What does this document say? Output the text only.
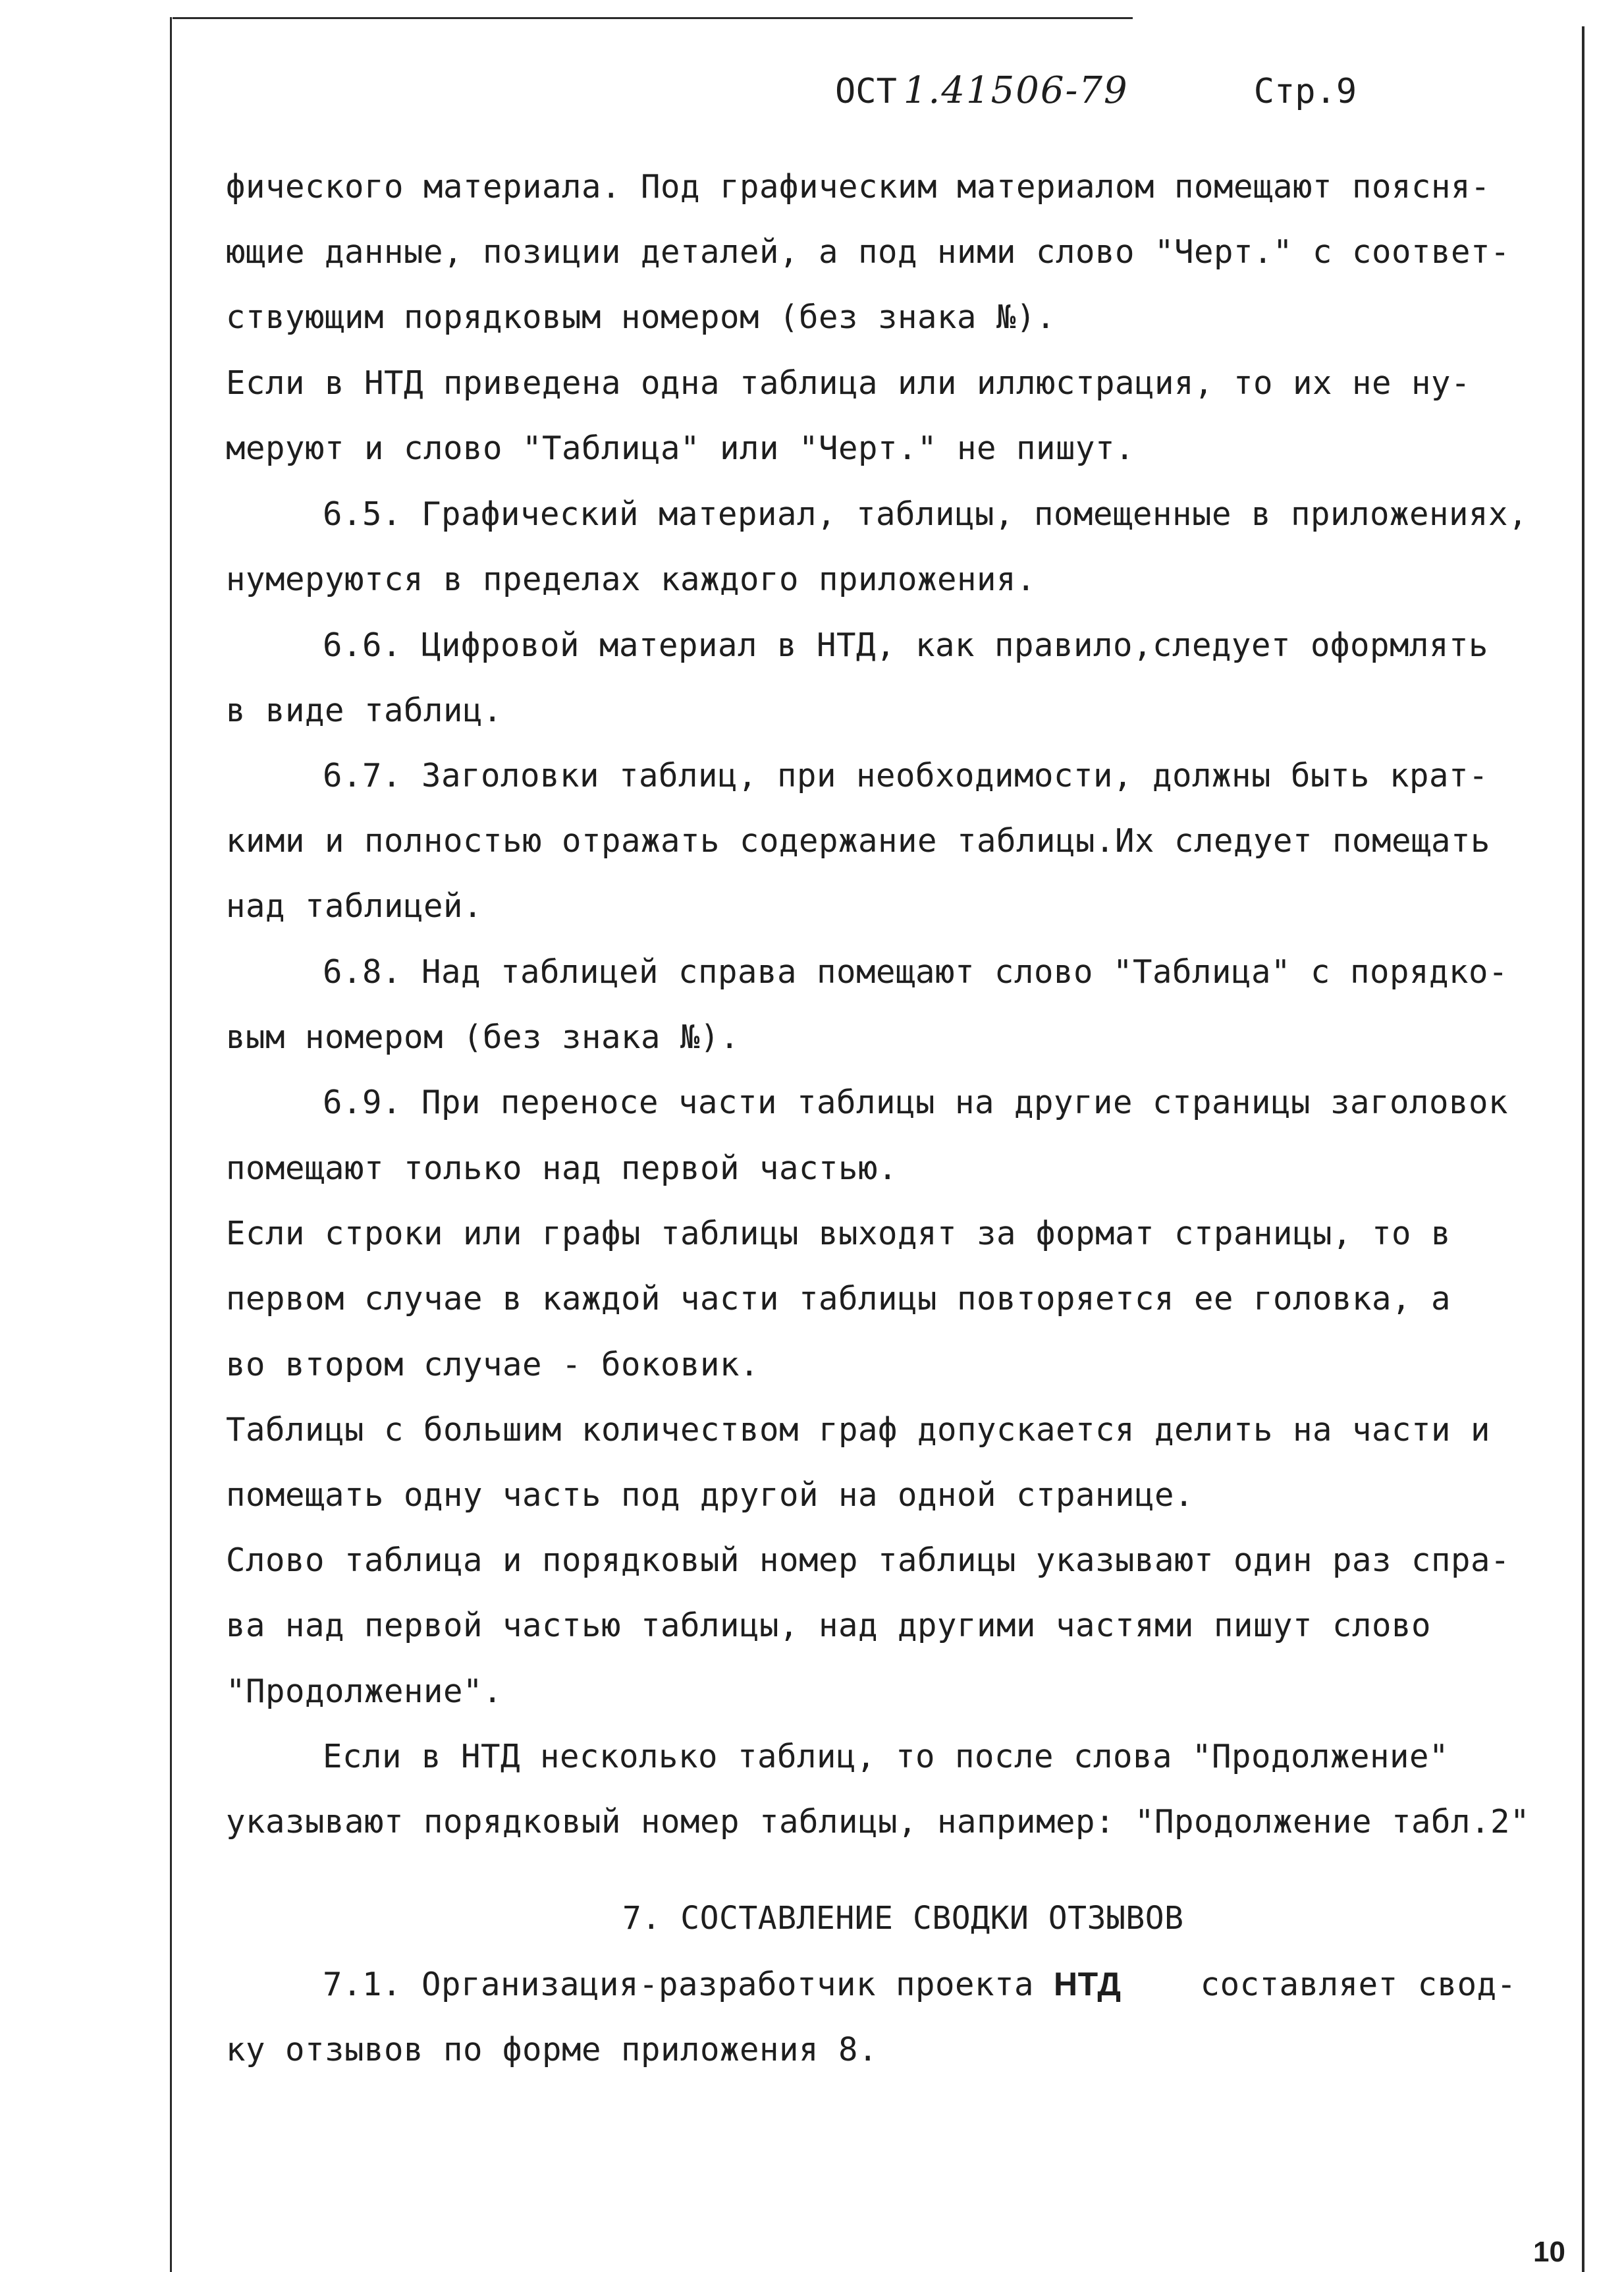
ОСТ 1.41506-79	Стр.9
фического материала. Под графическим материалом помещают поясня-
ющие данные, позиции деталей, а под ними слово "Черт." с соответ-
ствующим порядковым номером (без знака №).
Если в НТД приведена одна таблица или иллюстрация, то их не ну-
меруют и слово "Таблица" или "Черт." не пишут.
6.5. Графический материал, таблицы, помещенные в приложениях,
нумеруются в пределах каждого приложения.
6.6. Цифровой материал в НТД, как правило,следует оформлять
в виде таблиц.
6.7. Заголовки таблиц, при необходимости, должны быть крат-
кими и полностью отражать содержание таблицы.Их следует помещать
над таблицей.
6.8. Над таблицей справа помещают слово "Таблица" с порядко-
вым номером (без знака №).
6.9. При переносе части таблицы на другие страницы заголовок
помещают только над первой частью.
Если строки или графы таблицы выходят за формат страницы, то в
первом случае в каждой части таблицы повторяется ее головка, а
во втором случае - боковик.
Таблицы с большим количеством граф допускается делить на части и
помещать одну часть под другой на одной странице.
Слово таблица и порядковый номер таблицы указывают один раз спра-
ва над первой частью таблицы, над другими частями пишут слово
"Продолжение".
Если в НТД несколько таблиц, то после слова "Продолжение"
указывают порядковый номер таблицы, например: "Продолжение табл.2"
7. СОСТАВЛЕНИЕ СВОДКИ ОТЗЫВОВ
7.1. Организация-разработчик проекта НТД    составляет свод-
ку отзывов по форме приложения 8.
10
